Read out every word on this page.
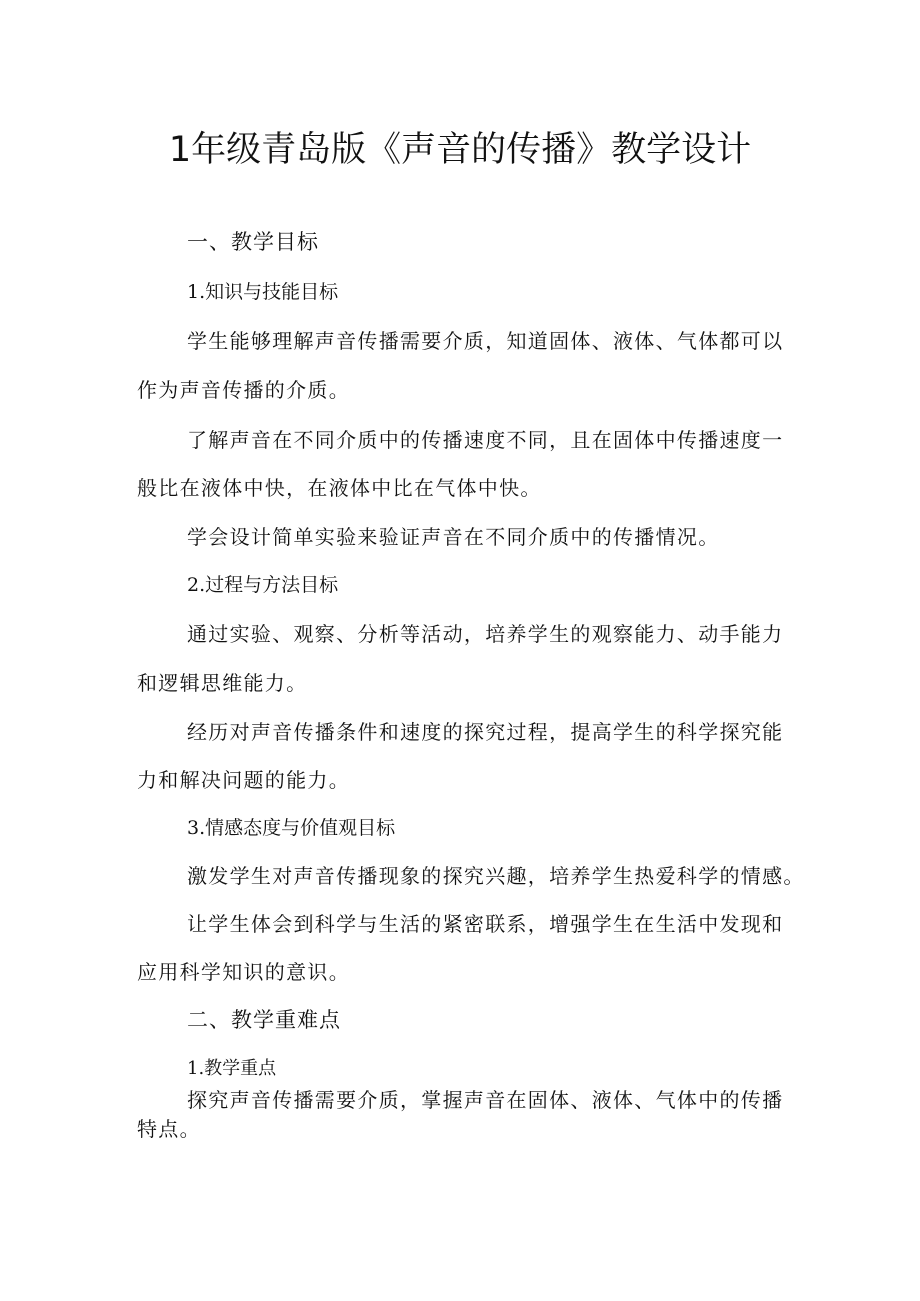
1年级青岛版《声音的传播》教学设计
一、教学目标
1.知识与技能目标
学生能够理解声音传播需要介质，知道固体、液体、气体都可以
作为声音传播的介质。
了解声音在不同介质中的传播速度不同，且在固体中传播速度一
般比在液体中快，在液体中比在气体中快。
学会设计简单实验来验证声音在不同介质中的传播情况。
2.过程与方法目标
通过实验、观察、分析等活动，培养学生的观察能力、动手能力
和逻辑思维能力。
经历对声音传播条件和速度的探究过程，提高学生的科学探究能
力和解决问题的能力。
3.情感态度与价值观目标
激发学生对声音传播现象的探究兴趣，培养学生热爱科学的情感。
让学生体会到科学与生活的紧密联系，增强学生在生活中发现和
应用科学知识的意识。
二、教学重难点
1.教学重点
探究声音传播需要介质，掌握声音在固体、液体、气体中的传播
特点。
